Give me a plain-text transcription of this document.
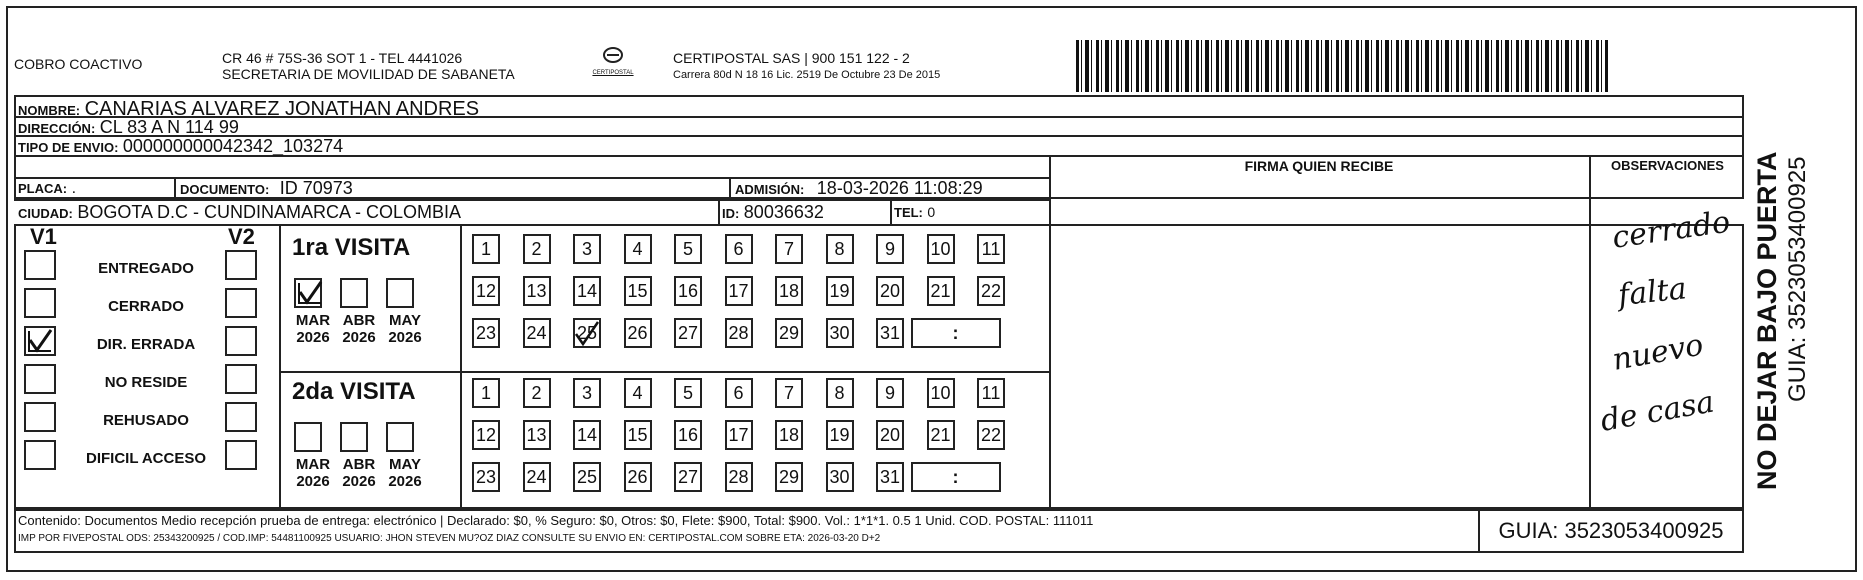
COBRO COACTIVO	CR 46 # 75S-36 SOT 1 - TEL 4441026
SECRETARIA DE MOVILIDAD DE SABANETA	CERTIPOSTAL
CERTIPOSTAL SAS | 900 151 122 - 2
Carrera 80d N 18 16 Lic. 2519 De Octubre 23 De 2015
NOMBRE: CANARIAS ALVAREZ JONATHAN ANDRES
DIRECCIÓN: CL 83 A N 114 99
TIPO DE ENVIO: 000000000042342_103274
FIRMA QUIEN RECIBE	OBSERVACIONES
PLACA: .	DOCUMENTO: ID 70973	ADMISIÓN: 18-03-2026 11:08:29
CIUDAD: BOGOTA D.C - CUNDINAMARCA - COLOMBIA	ID: 80036632	TEL: 0
V1	V2
ENTREGADO
CERRADO
DIR. ERRADA
NO RESIDE
REHUSADO
DIFICIL ACCESO
1ra VISITA
MAR
2026
ABR
2026
MAY
2026
1	2	3	4	5	6	7	8	9	10 11
12 13 14 15 16 17 18 19 20 21 22
23 24 25 26 27 28 29 30 31	:
2da VISITA
MAR
2026
ABR
2026
MAY
2026
1	2	3	4	5	6	7	8	9	10 11
12 13 14 15 16 17 18 19 20 21 22
23 24 25 26 27 28 29 30 31	:
cerrado
falta
nuevo
de casa
Contenido: Documentos Medio recepción prueba de entrega: electrónico | Declarado: $0, % Seguro: $0, Otros: $0, Flete: $900, Total: $900. Vol.: 1*1*1. 0.5 1 Unid. COD. POSTAL: 111011
IMP POR FIVEPOSTAL ODS: 25343200925 / COD.IMP: 54481100925 USUARIO: JHON STEVEN MU?OZ DIAZ CONSULTE SU ENVIO EN: CERTIPOSTAL.COM SOBRE ETA: 2026-03-20 D+2	GUIA: 3523053400925
NO DEJAR BAJO PUERTA GUIA: 3523053400925
